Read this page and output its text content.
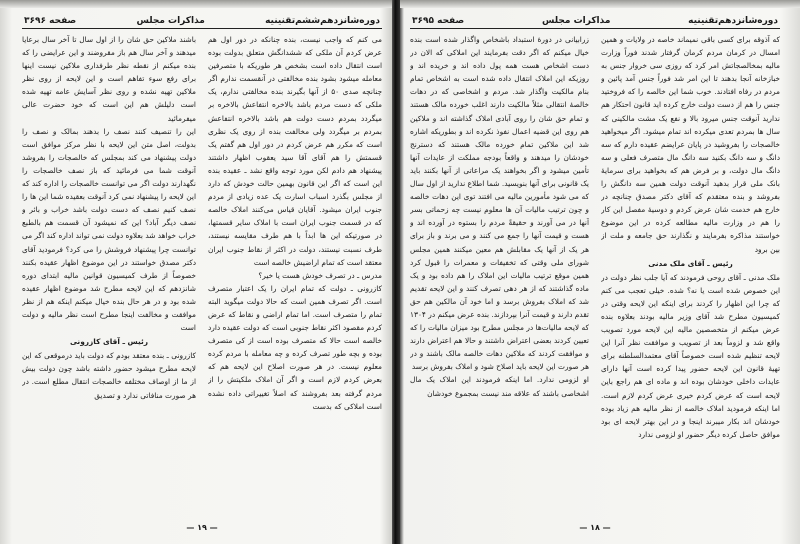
دوره‌شانزدهم‌ششم‌تقنینیه
مذاکرات مجلس
صفحه ۳۶۹۶

می کنم که واجب نیست، بنده چنانکه در دور اول هم عرض کردم آن ملکی که ششدانگش متعلق بدولت بوده است انتقال داده است بشخص هر طوریکه با متصرفین معامله میشود بشود بنده مخالفتی در آنقسمت ندارم اگر چنانچه صدی ۵۰ از آنها بگیرند بنده مخالفتی ندارم، یک ملکی که دست مردم باشد بالاخره انتفاعش بالاخره بر میگردد بمردم دست دولت هم باشد بالاخره انتفاعش بمردم بر میگردد ولی مخالفت بنده از روی یک نظری است که مکرر هم عرض کردم در دور اول هم گفتم یک قسمتش را هم آقای آقا سید یعقوب اظهار داشتند پیشنهاد هم دادم لکن مورد توجه واقع نشد ـ عقیده بنده این است که اگر این قانون بهمین حالت خودش که دارد از مجلس بگذرد اسباب اسارت یک عده زیادی از مردم جنوب ایران میشود. آقایان قیاس می‌کنند املاک خالصه که در قسمت جنوب ایران است با املاک سایر قسمتها، در صورتیکه این ها ابداً با هم طرف مقایسه نیستند، طرف نسبت نیستند، دولت در اکثر از نقاط جنوب ایران معتقد است که تمام اراضیش خالصه است

مدرس ـ در تصرف خودش هست یا خیر؟

کازرونی ـ دولت که تمام ایران را یک اعتبار متصرف است. اگر تصرف همین است که حالا دولت میگوید البته تمام را متصرف است. اما تمام اراضی و نقاط که عرض کردم مقصود اکثر نقاط جنوبی است که دولت عقیده دارد خالصه است حالا که متصرف بوده است از کی متصرف بوده و بچه طور تصرف کرده و چه معامله با مردم کرده معلوم نیست. در هر صورت اصلاح این لایحه هم که بعرض کردم لازم است و اگر آن املاک ملکیتش را از مردم گرفته بعد بفروشند که اصلاً تغییراتی داده نشده است املاکی که بدست

باشند ملاکین حق شان را از اول سال تا آخر سال برعایا میدهند و آخر سال هم باز مقروضند و این عرایضی را که بنده میکنم از نقطه نظر طرفداری ملاکین نیست اینها برای رفع سوء تفاهم است و این لایحه از روی نظر ملاکین تهیه نشده و روی نظر آسایش عامه تهیه شده است دلیلش هم این است که خود حضرت عالی میفرمائید

این را تنصیف کنند نصف را بدهند بمالک و نصف را بدولت، اصل متن این لایحه با نظر مرکز موافق است دولت پیشنهاد می کند بمجلس که خالصجات را بفروشد آنوقت شما می فرمائید که باز نصف خالصجات را نگهدارند دولت اگر می توانست خالصجات را اداره کند که این لایحه را پیشنهاد نمی کرد آنوقت بعقیده شما این ها را نصف کنیم نصف که دست دولت باشد خراب و بائر و نصف دیگر آباد؟ این که نمیشود آن قسمت هم بالطبع خراب خواهد شد بعلاوه دولت نمی تواند اداره کند اگر می توانست چرا پیشنهاد فروشش را می کرد؟ فرمودید آقای دکتر مصدق خواستند در این موضوع اظهار عقیده بکنند خصوصاً از طرف کمیسیون قوانین مالیه ابتدای دوره شانزدهم که این لایحه مطرح شد موضوع اظهار عقیده شده بود و در هر حال بنده خیال میکنم اینکه هم از نظر موافقت و مخالفت اینجا مطرح است نظر مالیه و دولت است

رئیس ـ آقای کازرونی

کازرونی ـ بنده معتقد بودم که دولت باید درموقعی که این لایحه مطرح میشود حضور داشته باشد چون دولت بیش از ما از اوصاف مختلفه خالصجات انتقال مطلع است. در هر صورت منافاتی ندارد و تصدیق

— ۱۹ —
دوره‌شانزدهم‌تقنینیه
مذاکرات مجلس
صفحه ۳۶۹۵

که آذوقه برای کسی باقی نمیماند خاصه در ولایات و همین امسال در کرمان مردم کرمان گرفتار شدند فوراً وزارت مالیه بمخالصجاتش امر کرد که روزی سی خروار جنس به خبازخانه آنجا بدهند تا این امر شد فوراً جنس آمد پائین و مردم در رفاه افتادند. خوب شما این خالصه را که فروختید جنس را هم از دست دولت خارج کرده اید قانون احتکار هم ندارید آنوقت جنس میرود بالا و نفع یک مشت مالکینی که سال ها بمردم تعدی میکرده اند تمام میشود. اگر میخواهید خالصجات را بفروشید در پایان عرایضم عقیده دارم که سه دانگ و سه دانگ بکنید سه دانگ مال متصرف فعلی و سه دانگ مال دولت، و بر فرض هم که بخواهید برای سرمایهٔ بانک ملی قرار بدهید آنوقت دولت همین سه دانگش را بفروشد و بنده معتقدم که آقای دکتر مصدق چنانچه در خارج هم خدمت شان عرض کردم و دوسیهٔ مفصل این کار را هم در وزارت مالیه مطالعه کرده در این موضوع خواستند مذاکره بفرمایند و نگذارند حق جامعه و ملت از بین برود

رئیس ـ آقای ملک مدنی

ملک مدنی ـ آقای روحی فرمودند که آیا جلب نظر دولت در این خصوص شده است یا نه؟ شده. خیلی تعجب می کنم که چرا این اظهار را کردند برای اینکه این لایحه وقتی در کمیسیون مطرح شد آقای وزیر مالیه بودند بعلاوه بنده عرض میکنم از متخصصین مالیه این لایحه مورد تصویب واقع شد و لزوماً بعد از تصویب و موافقت نظر آنرا این لایحه تنظیم شده است خصوصاً آقای معتمدالسلطنه برای تهیهٔ قانون این لایحه حضور پیدا کرده است آنها دارای عایدات داخلی خودشان بوده اند و ماده ای هم راجع باین لایحه است که عرض کردم خیری عرض کردم لازم است. اما اینکه فرمودید املاک خالصه از نظر مالیه هم زیاد بوده خودشان اند بکار میبرند اینجا و در این بهتر لایحه ای بود موافق حاصل کرده دیگر حضور او لزومی ندارد

زرابیانی در دورهٔ استبداد باشخاص واگذار شده است بنده خیال میکنم که اگر دقت بفرمایند این املاکی که الان در دست اشخاص هست همه پول داده اند و خریده اند و روزیکه این املاک انتقال داده شده است به اشخاص تمام بنام مالکیت واگذار شد. مردم و اشخاصی که در دهات خالصهٔ انتقالی مثلاً مالکیت دارند اغلب خورده مالک هستند و تمام حق شان را روی آبادی املاک گذاشته اند و ملاکین هم روی این قضیه اعمال نفوذ نکرده اند و بطوریکه اشاره شد این ملاکین تمام خورده مالک هستند که دسترنج خودشان را میدهند و واقعاً بودجه مملکت از عایدات آنها تأمین میشود و اگر بخواهند یک مراعاتی از آنها بکنند باید یک قانونی برای آنها بنویسید. شما اطلاع ندارید از اول سال که می شود مأمورین مالیه می افتند توی این دهات خالصه و چون ترتیب مالیات آن ها معلوم نیست چه زحماتی بسر آنها در می آورند و حقیقةً مردم را بستوه در آورده اند و هست و قیمت آنها را جمع می کنند و می برند و باز برای هر یک از آنها یک مقابلش هم معین میکنند همین مجلس شورای ملی وقتی که تخفیفات و معمرات را قبول کرد همین موقع ترتیب مالیات این املاک را هم داده بود و یک ماده گذاشتند که از هر دهی تصرف کنند و این لایحه تقدیم شد که املاک بفروش برسد و اما خود آن مالکین هم حق تقدم دارند و قیمت آنرا بپردازند. بنده عرض میکنم در ۱۳۰۴ که لایحه مالیات‌ها در مجلس مطرح بود میزان مالیات را که تعیین کردند بعضی اعتراض داشتند و حالا هم اعتراض دارند و موافقت کردند که ملاکین دهات خالصه مالک باشند و در هر صورت این لایحه باید اصلاح شود و املاک بفروش برسد

او لزومی ندارد. اما اینکه فرمودند این املاک یک مال اشخاصی باشند که علاقه مند نیست بمجموع خودشان

— ۱۸ —
